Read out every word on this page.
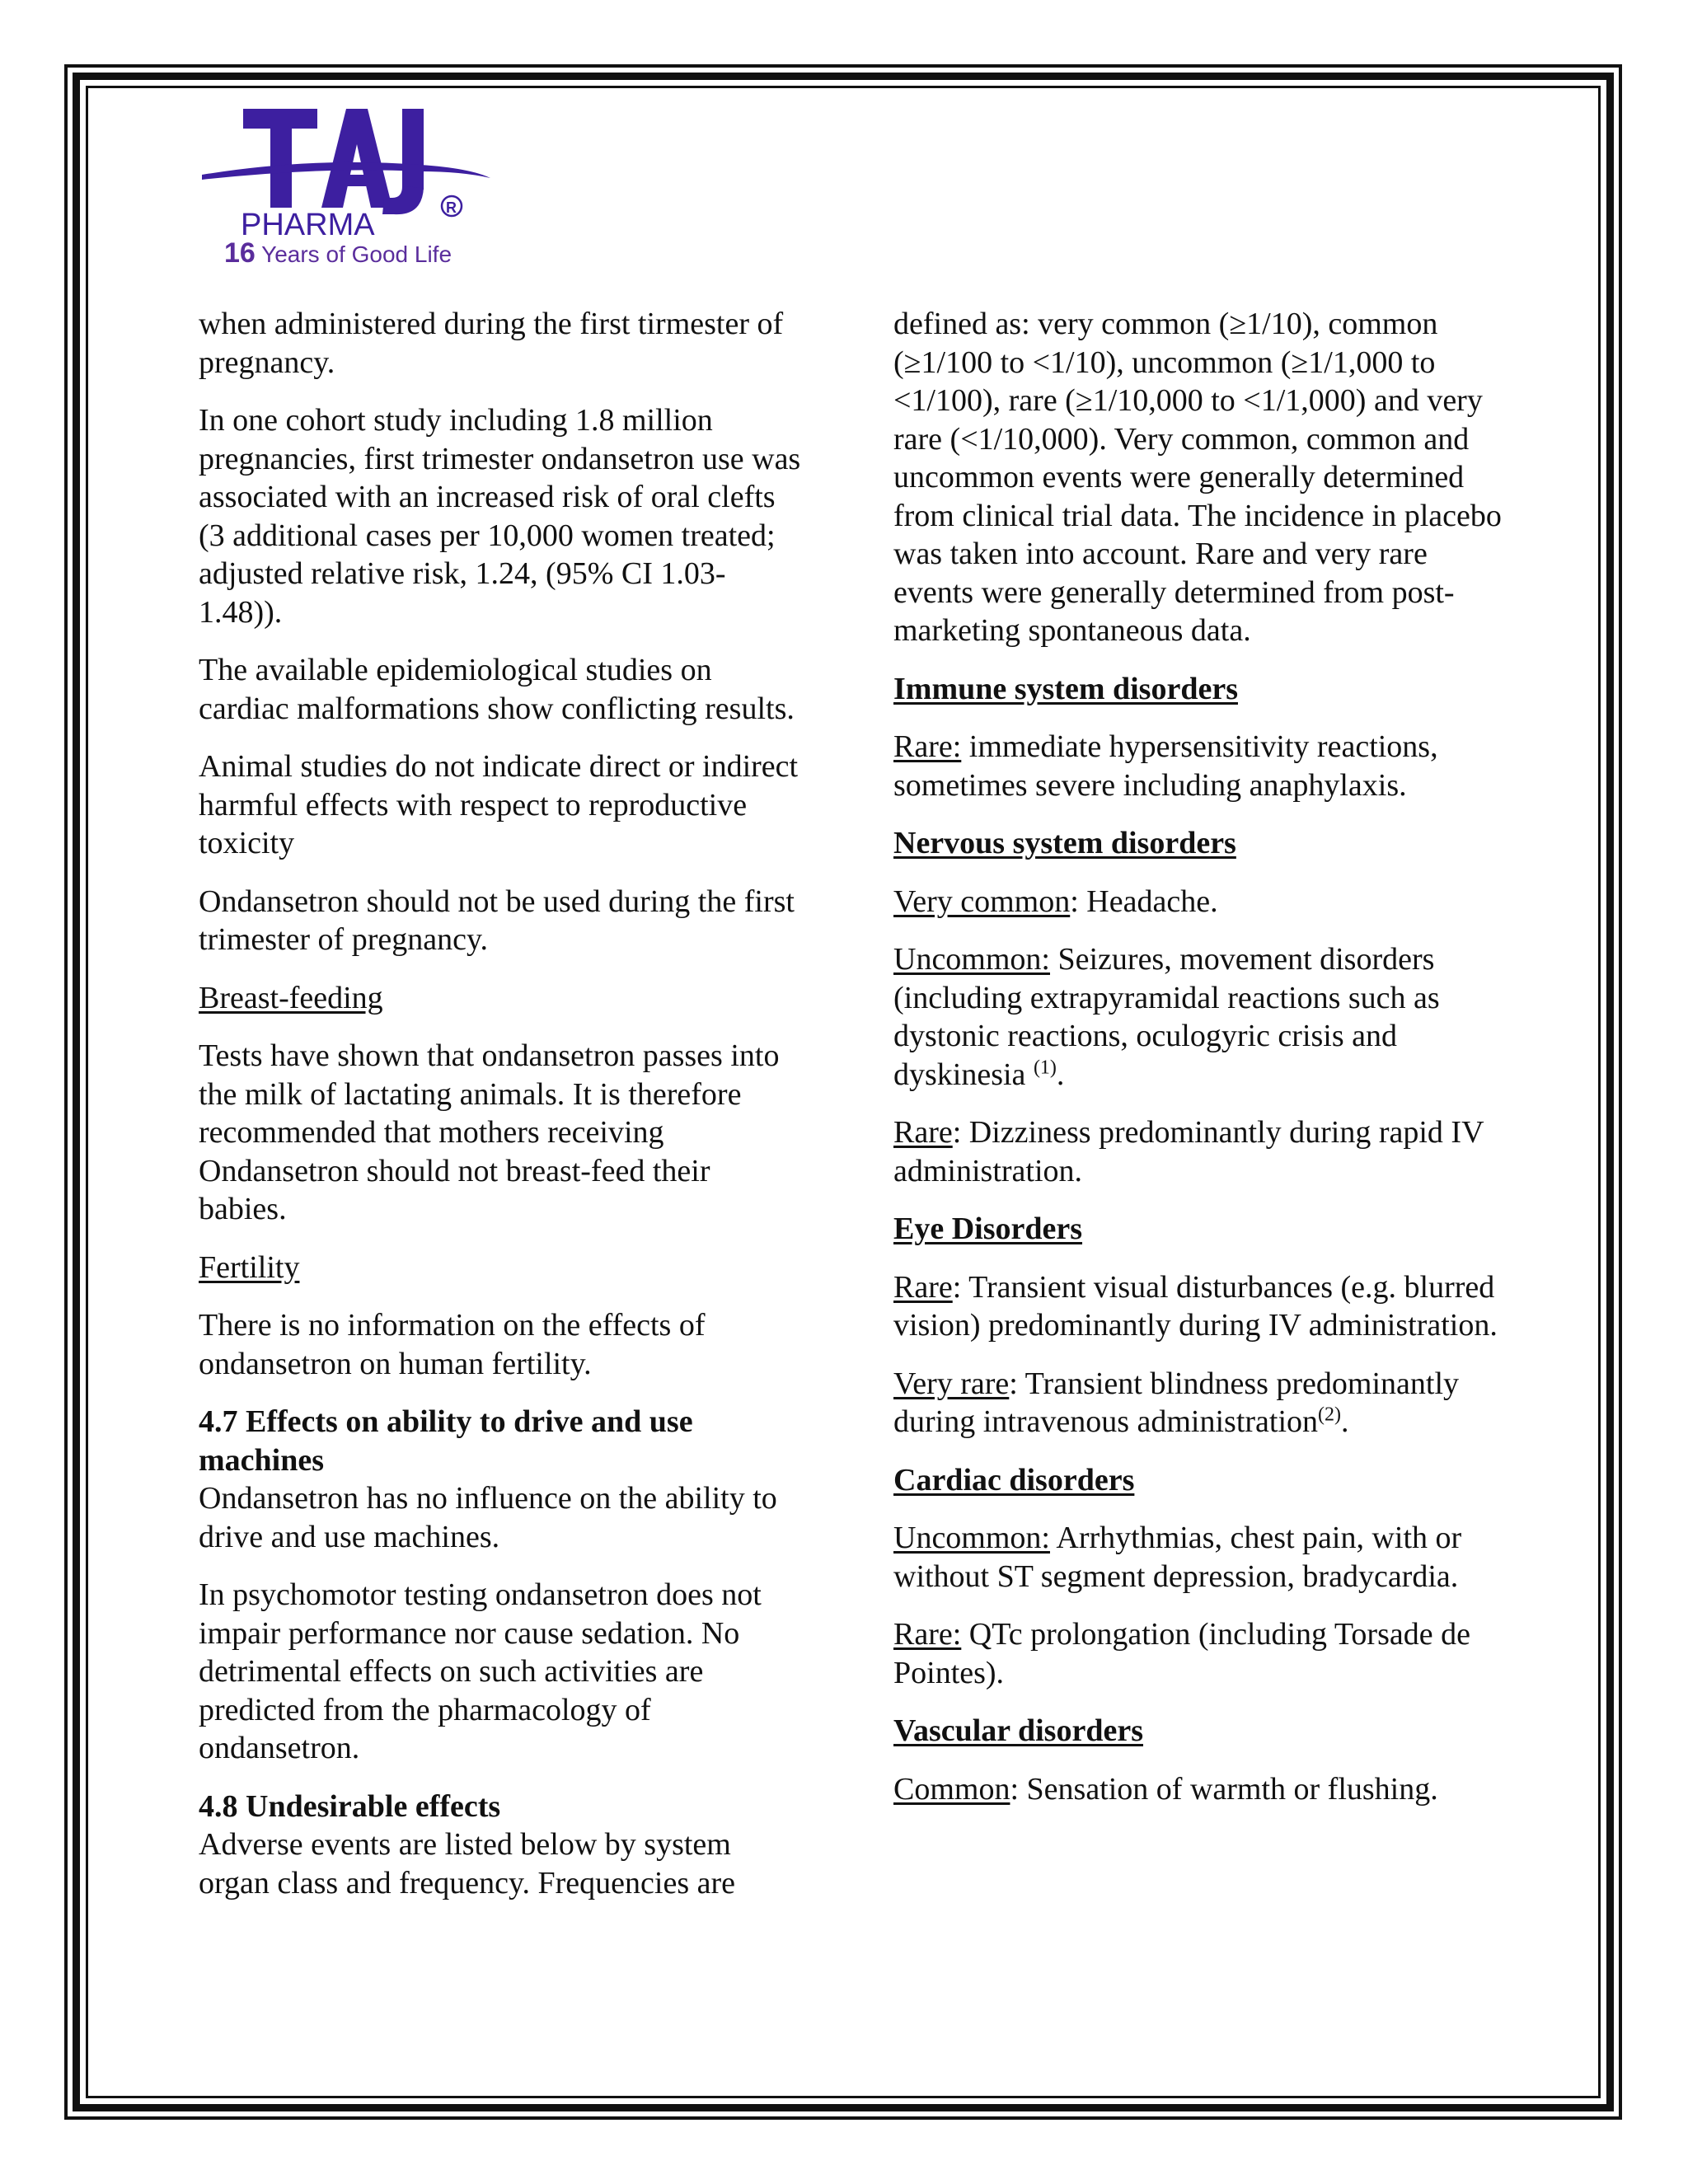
PHARMA	R
16 Years of Good Life

when administered during the first tirmester of pregnancy.

In one cohort study including 1.8 million pregnancies, first trimester ondansetron use was associated with an increased risk of oral clefts (3 additional cases per 10,000 women treated; adjusted relative risk, 1.24, (95% CI 1.03-1.48)).

The available epidemiological studies on cardiac malformations show conflicting results.

Animal studies do not indicate direct or indirect harmful effects with respect to reproductive toxicity

Ondansetron should not be used during the first trimester of pregnancy.

Breast-feeding

Tests have shown that ondansetron passes into the milk of lactating animals. It is therefore recommended that mothers receiving Ondansetron should not breast-feed their babies.

Fertility

There is no information on the effects of ondansetron on human fertility.

4.7 Effects on ability to drive and use machines

Ondansetron has no influence on the ability to drive and use machines.

In psychomotor testing ondansetron does not impair performance nor cause sedation. No detrimental effects on such activities are predicted from the pharmacology of ondansetron.

4.8 Undesirable effects

Adverse events are listed below by system organ class and frequency. Frequencies are

defined as: very common (≥1/10), common (≥1/100 to <1/10), uncommon (≥1/1,000 to <1/100), rare (≥1/10,000 to <1/1,000) and very rare (<1/10,000). Very common, common and uncommon events were generally determined from clinical trial data. The incidence in placebo was taken into account. Rare and very rare events were generally determined from post-marketing spontaneous data.

Immune system disorders

Rare: immediate hypersensitivity reactions, sometimes severe including anaphylaxis.

Nervous system disorders

Very common: Headache.

Uncommon: Seizures, movement disorders (including extrapyramidal reactions such as dystonic reactions, oculogyric crisis and dyskinesia $^{(1)}$.

Rare: Dizziness predominantly during rapid IV administration.

Eye Disorders

Rare: Transient visual disturbances (e.g. blurred vision) predominantly during IV administration.

Very rare: Transient blindness predominantly during intravenous administration$^{(2)}$.

Cardiac disorders

Uncommon: Arrhythmias, chest pain, with or without ST segment depression, bradycardia.

Rare: QTc prolongation (including Torsade de Pointes).

Vascular disorders

Common: Sensation of warmth or flushing.
